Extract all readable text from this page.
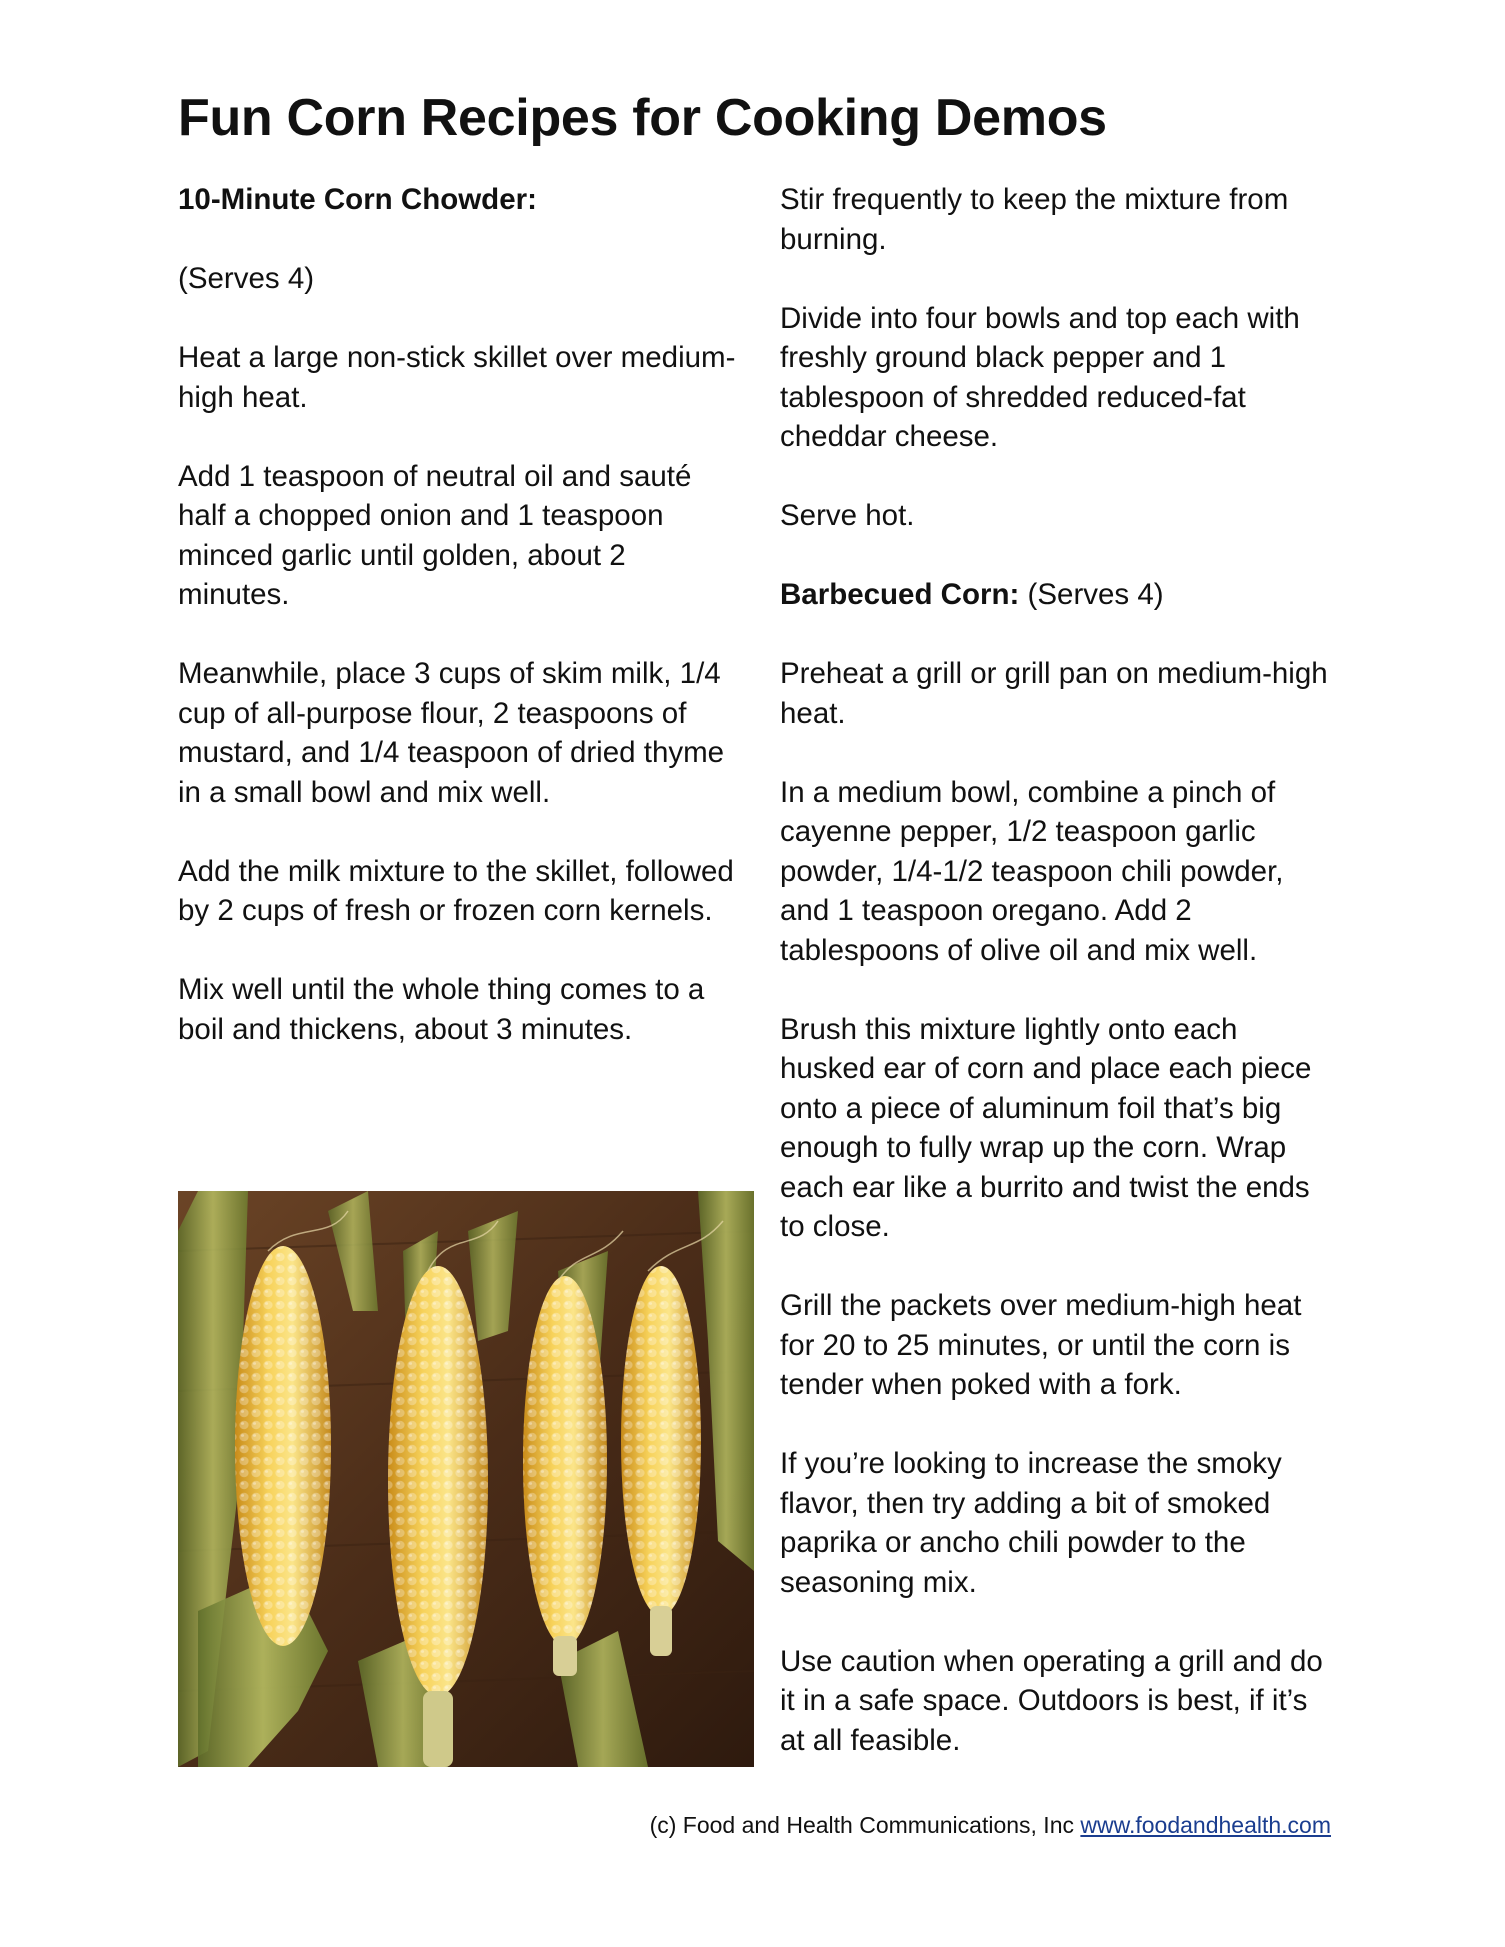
Fun Corn Recipes for Cooking Demos

10-Minute Corn Chowder:

(Serves 4)

Heat a large non-stick skillet over medium-high heat.

Add 1 teaspoon of neutral oil and sauté half a chopped onion and 1 teaspoon minced garlic until golden, about 2 minutes.

Meanwhile, place 3 cups of skim milk, 1/4 cup of all-purpose flour, 2 teaspoons of mustard, and 1/4 teaspoon of dried thyme in a small bowl and mix well.

Add the milk mixture to the skillet, followed by 2 cups of fresh or frozen corn kernels.

Mix well until the whole thing comes to a boil and thickens, about 3 minutes.

Stir frequently to keep the mixture from burning.

Divide into four bowls and top each with freshly ground black pepper and 1 tablespoon of shredded reduced-fat cheddar cheese.

Serve hot.

Barbecued Corn: (Serves 4)

Preheat a grill or grill pan on medium-high heat.

In a medium bowl, combine a pinch of cayenne pepper, 1/2 teaspoon garlic powder, 1/4-1/2 teaspoon chili powder, and 1 teaspoon oregano. Add 2 tablespoons of olive oil and mix well.

Brush this mixture lightly onto each husked ear of corn and place each piece onto a piece of aluminum foil that’s big enough to fully wrap up the corn. Wrap each ear like a burrito and twist the ends to close.

Grill the packets over medium-high heat for 20 to 25 minutes, or until the corn is tender when poked with a fork.

If you’re looking to increase the smoky flavor, then try adding a bit of smoked paprika or ancho chili powder to the seasoning mix.

Use caution when operating a grill and do it in a safe space. Outdoors is best, if it’s at all feasible.

(c) Food and Health Communications, Inc www.foodandhealth.com
